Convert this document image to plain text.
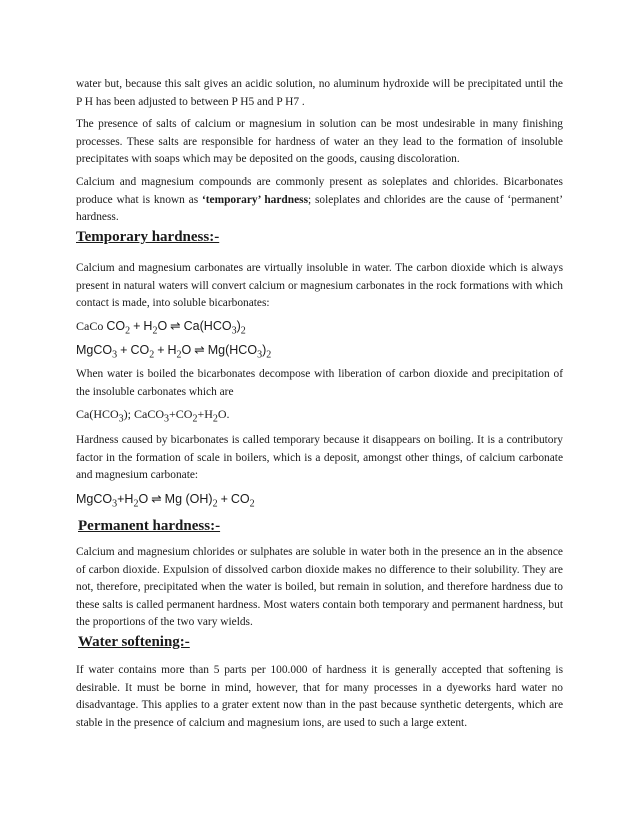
water but, because this salt gives an acidic solution, no aluminum hydroxide will be precipitated until the P H has been adjusted to between P H5 and P H7 .

The presence of salts of calcium or magnesium in solution can be most undesirable in many finishing processes. These salts are responsible for hardness of water an they lead to the formation of insoluble precipitates with soaps which may be deposited on the goods, causing discoloration.

Calcium and magnesium compounds are commonly present as soleplates and chlorides. Bicarbonates produce what is known as ‘temporary’ hardness; soleplates and chlorides are the cause of ‘permanent’ hardness.

Temporary hardness:-

Calcium and magnesium carbonates are virtually insoluble in water. The carbon dioxide which is always present in natural waters will convert calcium or magnesium carbonates in the rock formations with which contact is made, into soluble bicarbonates:

CaCo $CO_2 + H_2O$ ⇌ $Ca(HCO_3)_2$
MgCO$_3$ + $CO_2 + H_2O$ ⇌ $Mg(HCO_3)_2$

When water is boiled the bicarbonates decompose with liberation of carbon dioxide and precipitation of the insoluble carbonates which are

$Ca(HCO_3)$; $CaCO_3+CO_2+H_2O$.

Hardness caused by bicarbonates is called temporary because it disappears on boiling. It is a contributory factor in the formation of scale in boilers, which is a deposit, amongst other things, of calcium carbonate and magnesium carbonate:

$MgCO_3+H_2O$ ⇌ Mg $(OH)_2 + CO_2$
Permanent hardness:-

Calcium and magnesium chlorides or sulphates are soluble in water both in the presence an in the absence of carbon dioxide. Expulsion of dissolved carbon dioxide makes no difference to their solubility. They are not, therefore, precipitated when the water is boiled, but remain in solution, and therefore hardness due to these salts is called permanent hardness. Most waters contain both temporary and permanent hardness, but the proportions of the two vary wields.

Water softening:-

If water contains more than 5 parts per 100.000 of hardness it is generally accepted that softening is desirable. It must be borne in mind, however, that for many processes in a dyeworks hard water no disadvantage. This applies to a grater extent now than in the past because synthetic detergents, which are stable in the presence of calcium and magnesium ions, are used to such a large extent.
